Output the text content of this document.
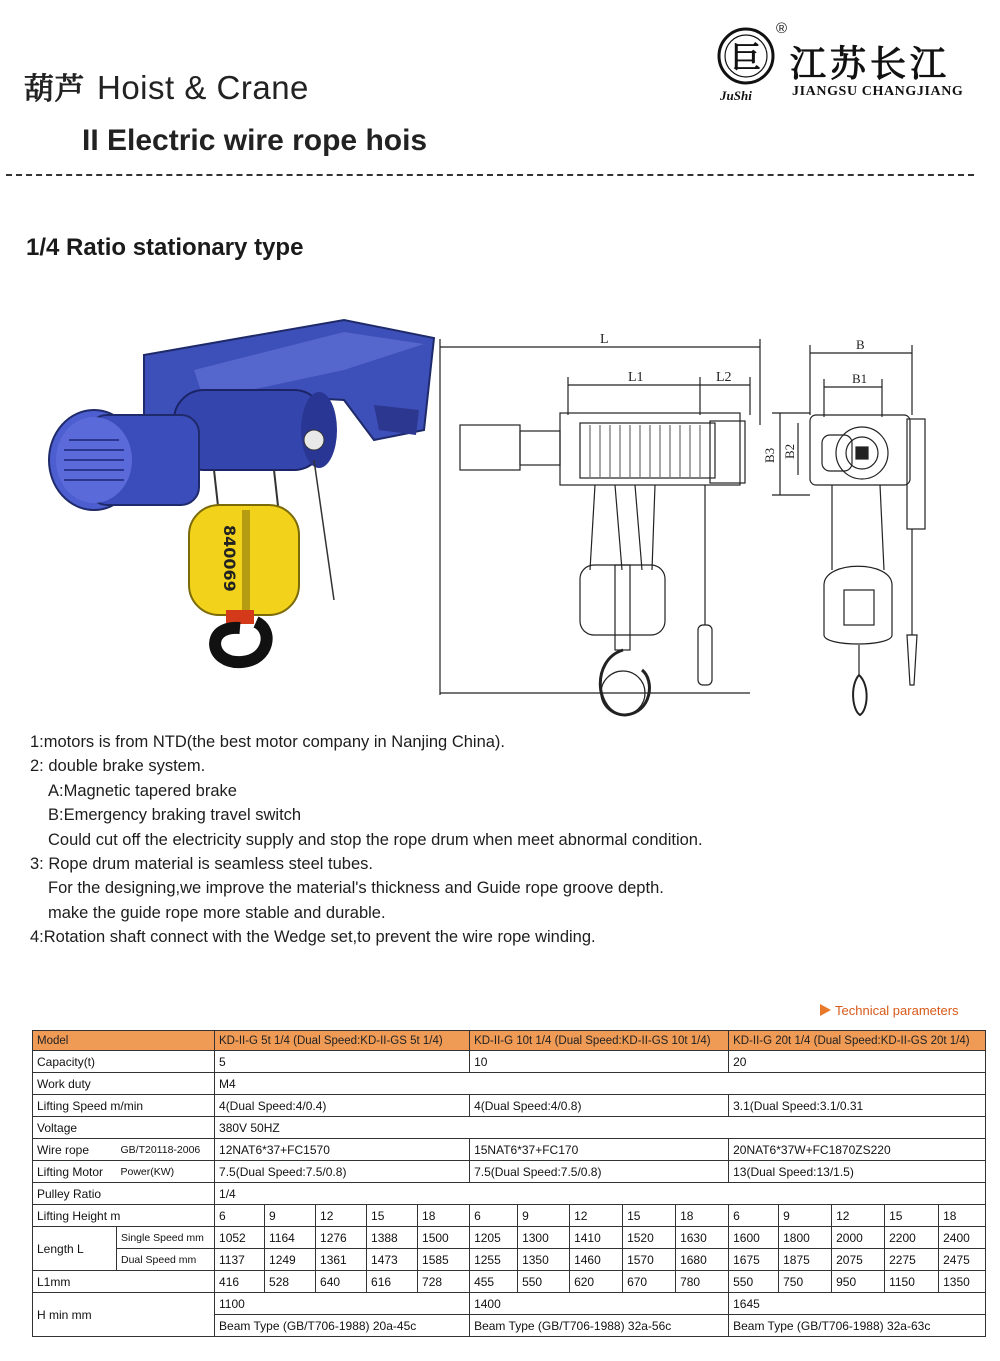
葫芦 Hoist & Crane
II Electric wire rope hois
巨
JuShi
®
江苏长江
JIANGSU CHANGJIANG
1/4 Ratio stationary type
840069
L
L1	L2
B
B1
B3 B2
1:motors is from NTD(the best motor company in Nanjing China).
2: double brake system.
A:Magnetic tapered brake
B:Emergency braking travel switch
Could cut off the electricity supply and stop the rope drum when meet abnormal condition.
3: Rope drum material is seamless steel tubes.
For the designing,we improve the material's thickness and Guide rope groove depth.
make the guide rope more stable and durable.
4:Rotation shaft connect with the Wedge set,to prevent the wire rope winding.
Technical parameters
Model		KD-II-G 5t 1/4 (Dual Speed:KD-II-GS 5t 1/4)					KD-II-G 10t 1/4 (Dual Speed:KD-II-GS 10t 1/4)					KD-II-G 20t 1/4 (Dual Speed:KD-II-GS 20t 1/4)				
Capacity(t)		5					10					20				
Work duty		M4														
Lifting Speed m/min		4(Dual Speed:4/0.4)					4(Dual Speed:4/0.8)					3.1(Dual Speed:3.1/0.31				
Voltage		380V 50HZ														
Wire rope	GB/T20118-2006	12NAT6*37+FC1570					15NAT6*37+FC170					20NAT6*37W+FC1870ZS220				
Lifting Motor	Power(KW)	7.5(Dual Speed:7.5/0.8)					7.5(Dual Speed:7.5/0.8)					13(Dual Speed:13/1.5)				
Pulley Ratio		1/4														
Lifting Height m		6	9	12	15	18	6	9	12	15	18	6	9	12	15	18
Length L	Single Speed mm	1052	1164	1276	1388	1500	1205	1300	1410	1520	1630	1600	1800	2000	2200	2400
	Dual Speed mm	1137	1249	1361	1473	1585	1255	1350	1460	1570	1680	1675	1875	2075	2275	2475
L1mm		416	528	640	616	728	455	550	620	670	780	550	750	950	1150	1350
H min mm		1100					1400					1645				
		Beam Type (GB/T706-1988) 20a-45c					Beam Type (GB/T706-1988) 32a-56c					Beam Type (GB/T706-1988) 32a-63c				
